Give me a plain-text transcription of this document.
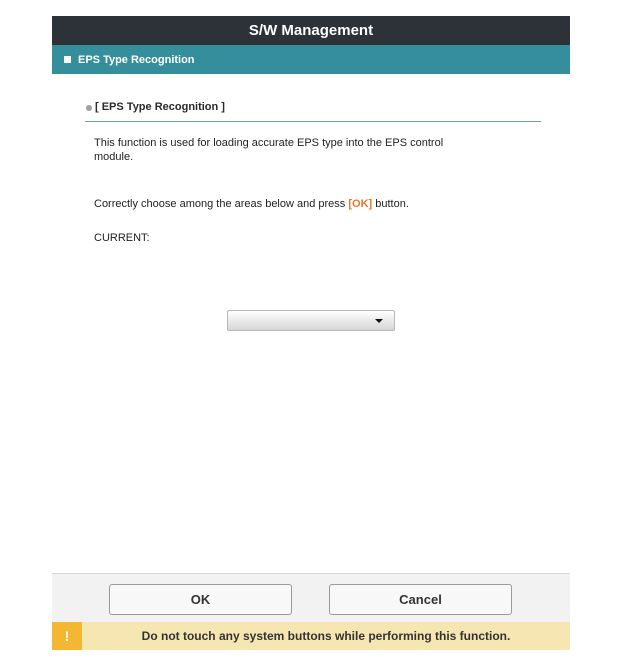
S/W Management
EPS Type Recognition
[ EPS Type Recognition ]
This function is used for loading accurate EPS type into the EPS control
module.
Correctly choose among the areas below and press [OK] button.
CURRENT:
OK	Cancel
!	Do not touch any system buttons while performing this function.
